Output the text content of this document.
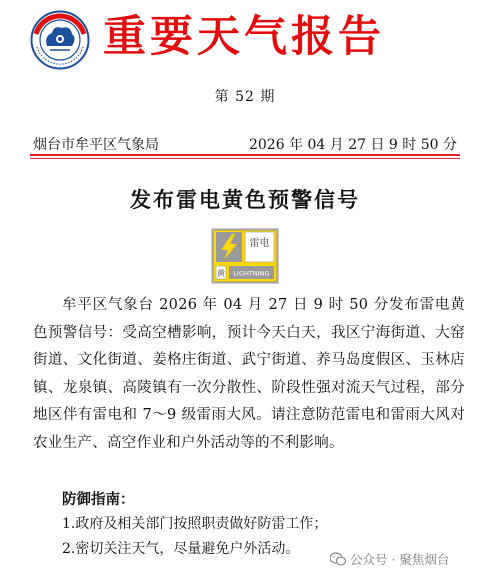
重要天气报告
第 52 期
烟台市牟平区气象局	2026 年 04 月 27 日 9 时 50 分
发布雷电黄色预警信号
雷电
黄 LIGHTNING
牟平区气象台 2026 年 04 月 27 日 9 时 50 分发布雷电黄色预警信号：受高空槽影响，预计今天白天，我区宁海街道、大窑街道、文化街道、姜格庄街道、武宁街道、养马岛度假区、玉林店镇、龙泉镇、高陵镇有一次分散性、阶段性强对流天气过程，部分地区伴有雷电和 7～9 级雷雨大风。请注意防范雷电和雷雨大风对农业生产、高空作业和户外活动等的不利影响。
防御指南：
1.政府及相关部门按照职责做好防雷工作；
2.密切关注天气，尽量避免户外活动。
公众号 · 聚焦烟台
